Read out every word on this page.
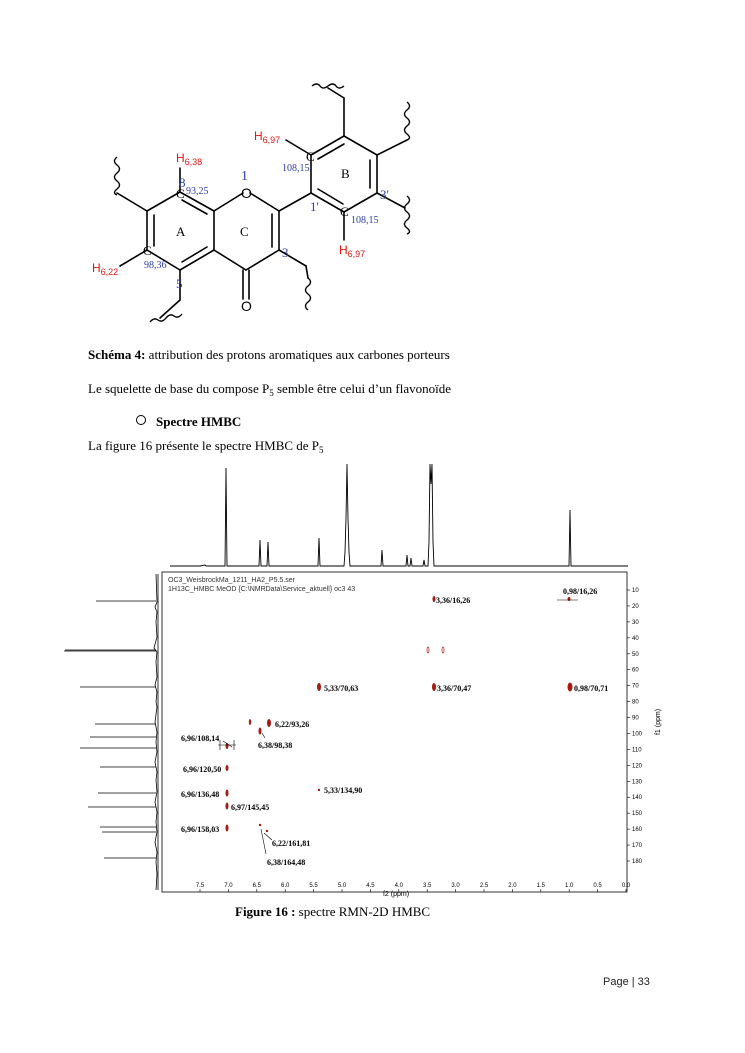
O
O
C
C
C
C
A
B
C
1
3
5
8
1'
3'
$H_{6,38}$
$H_{6,22}$
$H_{6,97}$
$H_{6,97}$
93,25
98,36
108,15
108,15
Schéma 4: attribution des protons aromatiques aux carbones porteurs
Le squelette de base du compose $P_5$ semble être celui d’un flavonoïde
Spectre HMBC
La figure 16 présente le spectre HMBC de $P_5$
OC3_WeisbrockMa_1211_HA2_P5.5.ser
1H13C_HMBC MeOD {C:\NMRData\Service_aktuell} oc3 43
7.5	7.0	6.5	6.0	5.5	5.0	4.5	4.0	3.5	3.0	2.5	2.0	1.5	1.0	0.5	0.0
10
20
30
40
50
60
70
80
90
100
110
120
130
140
150
160
170
180
f2 (ppm)
f1 (ppm)
3,36/16,26
0,98/16,26
5,33/70,63	3,36/70,47	0,98/70,71
6,22/93,26
6,96/108,14
6,38/98,38
6,96/120,50
6,96/136,48	5,33/134,90
6,97/145,45
6,96/158,03
6,22/161,81
6,38/164,48
Figure 16 : spectre RMN-2D HMBC
Page | 33
